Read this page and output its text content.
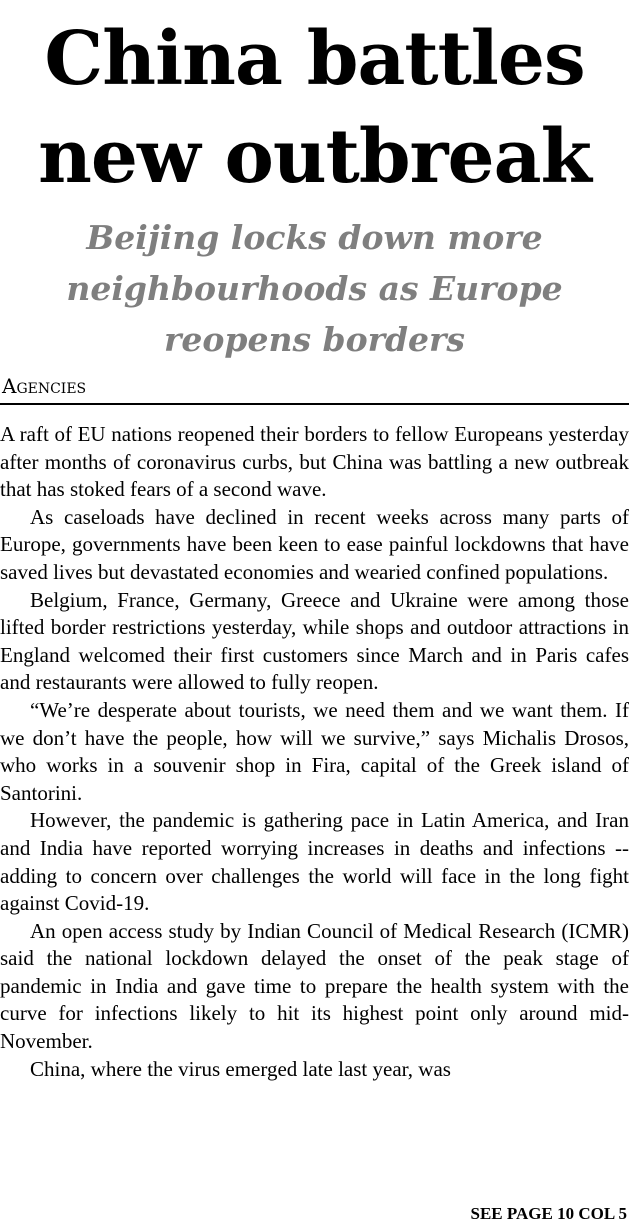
China battles
new outbreak
Beijing locks down more
neighbourhoods as Europe
reopens borders
Agencies

A raft of EU nations reopened their borders to fellow Europeans yesterday after months of coronavirus curbs, but China was battling a new outbreak that has stoked fears of a second wave.

As caseloads have declined in recent weeks across many parts of Europe, governments have been keen to ease painful lockdowns that have saved lives but devastated economies and wearied confined populations.

Belgium, France, Germany, Greece and Ukraine were among those lifted border restrictions yesterday, while shops and outdoor attractions in England welcomed their first customers since March and in Paris cafes and restaurants were allowed to fully reopen.

“We’re desperate about tourists, we need them and we want them. If we don’t have the people, how will we survive,” says Michalis Drosos, who works in a souvenir shop in Fira, capital of the Greek island of Santorini.

However, the pandemic is gathering pace in Latin America, and Iran and India have reported worrying increases in deaths and infections -- adding to concern over challenges the world will face in the long fight against Covid-19.

An open access study by Indian Council of Medical Research (ICMR) said the national lockdown delayed the onset of the peak stage of pandemic in India and gave time to prepare the health system with the curve for infections likely to hit its highest point only around mid-November.

China, where the virus emerged late last year, was

SEE PAGE 10 COL 5
